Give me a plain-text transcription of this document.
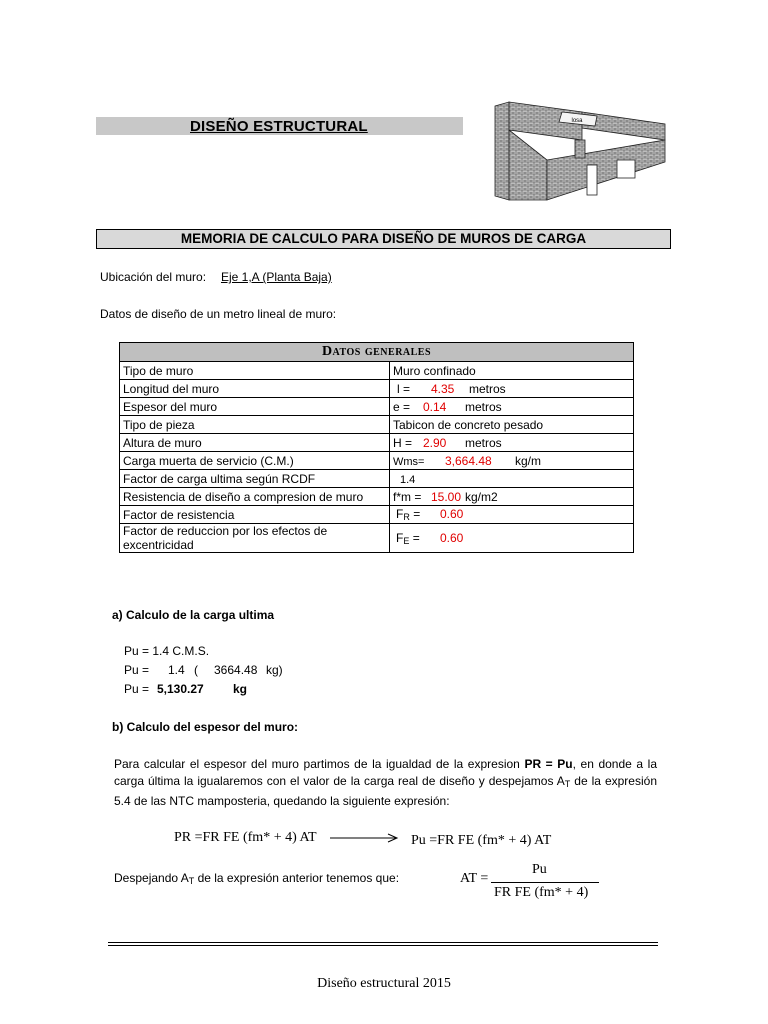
DISEÑO ESTRUCTURAL	losa
MEMORIA DE CALCULO PARA DISEÑO DE MUROS DE CARGA
Ubicación del muro: Eje 1,A (Planta Baja)
Datos de diseño de un metro lineal de muro:
Datos generales	
Tipo de muro	Muro confinado
Longitud del muro	l = 4.35 metros
Espesor del muro	e = 0.14 metros
Tipo de pieza	Tabicon de concreto pesado
Altura de muro	H = 2.90 metros
Carga muerta de servicio (C.M.)	Wms= 3,664.48 kg/m
Factor de carga ultima según RCDF	1.4
Resistencia de diseño a compresion de muro	f*m = 15.00 kg/m2
Factor de resistencia	$F_R = 0.60$
Factor de reduccion por los efectos de excentricidad	$F_E = 0.60$
a) Calculo de la carga ultima
Pu = 1.4 C.M.S.
Pu = 1.4 ( 3664.48 kg)
Pu = 5,130.27 kg
b) Calculo del espesor del muro:
Para calcular el espesor del muro partimos de la igualdad de la expresion PR = Pu, en donde a la carga última la igualaremos con el valor de la carga real de diseño y despejamos $A_T$ de la expresión 5.4 de las NTC mamposteria, quedando la siguiente expresión:
PR =FR FE (fm* + 4) AT	Pu =FR FE (fm* + 4) AT
Despejando $A_T$ de la expresión anterior tenemos que:	AT =
Pu
FR FE (fm* + 4)
Diseño estructural 2015
